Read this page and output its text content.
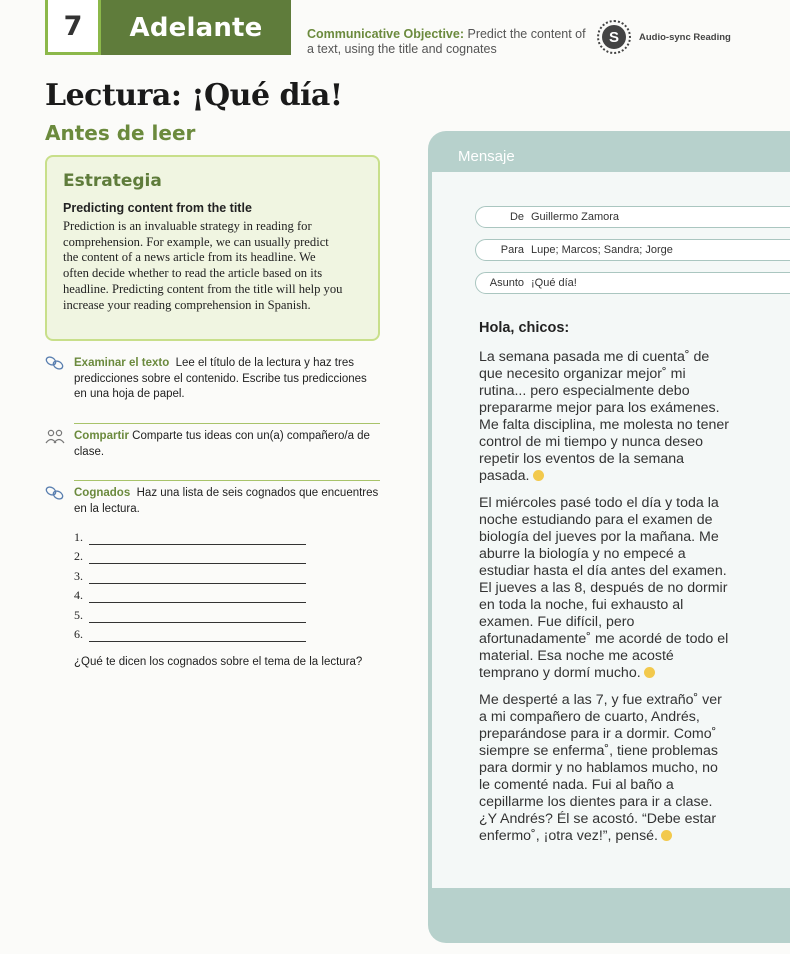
7 Adelante	Communicative Objective: Predict the content of a text, using the title and cognates
S	Audio-sync Reading
Lectura: ¡Qué día!
Antes de leer
Estrategia
Predicting content from the title
Prediction is an invaluable strategy in reading for comprehension. For example, we can usually predict the content of a news article from its headline. We often decide whether to read the article based on its headline. Predicting content from the title will help you increase your reading comprehension in Spanish.
Examinar el texto Lee el título de la lectura y haz tres predicciones sobre el contenido. Escribe tus predicciones en una hoja de papel.
Compartir Comparte tus ideas con un(a) compañero/a de clase.
Cognados Haz una lista de seis cognados que encuentres en la lectura.
1.
2.
3.
4.
5.
6.
¿Qué te dicen los cognados sobre el tema de la lectura?
Mensaje
De Guillermo Zamora
Para Lupe; Marcos; Sandra; Jorge
Asunto ¡Qué día!
Hola, chicos:

La semana pasada me di cuenta˚ de que necesito organizar mejor˚ mi rutina... pero especialmente debo prepararme mejor para los exámenes. Me falta disciplina, me molesta no tener control de mi tiempo y nunca deseo repetir los eventos de la semana pasada.

El miércoles pasé todo el día y toda la noche estudiando para el examen de biología del jueves por la mañana. Me aburre la biología y no empecé a estudiar hasta el día antes del examen. El jueves a las 8, después de no dormir en toda la noche, fui exhausto al examen. Fue difícil, pero afortunadamente˚ me acordé de todo el material. Esa noche me acosté temprano y dormí mucho.

Me desperté a las 7, y fue extraño˚ ver a mi compañero de cuarto, Andrés, preparándose para ir a dormir. Como˚ siempre se enferma˚, tiene problemas para dormir y no hablamos mucho, no le comenté nada. Fui al baño a cepillarme los dientes para ir a clase. ¿Y Andrés? Él se acostó. “Debe estar enfermo˚, ¡otra vez!”, pensé.
